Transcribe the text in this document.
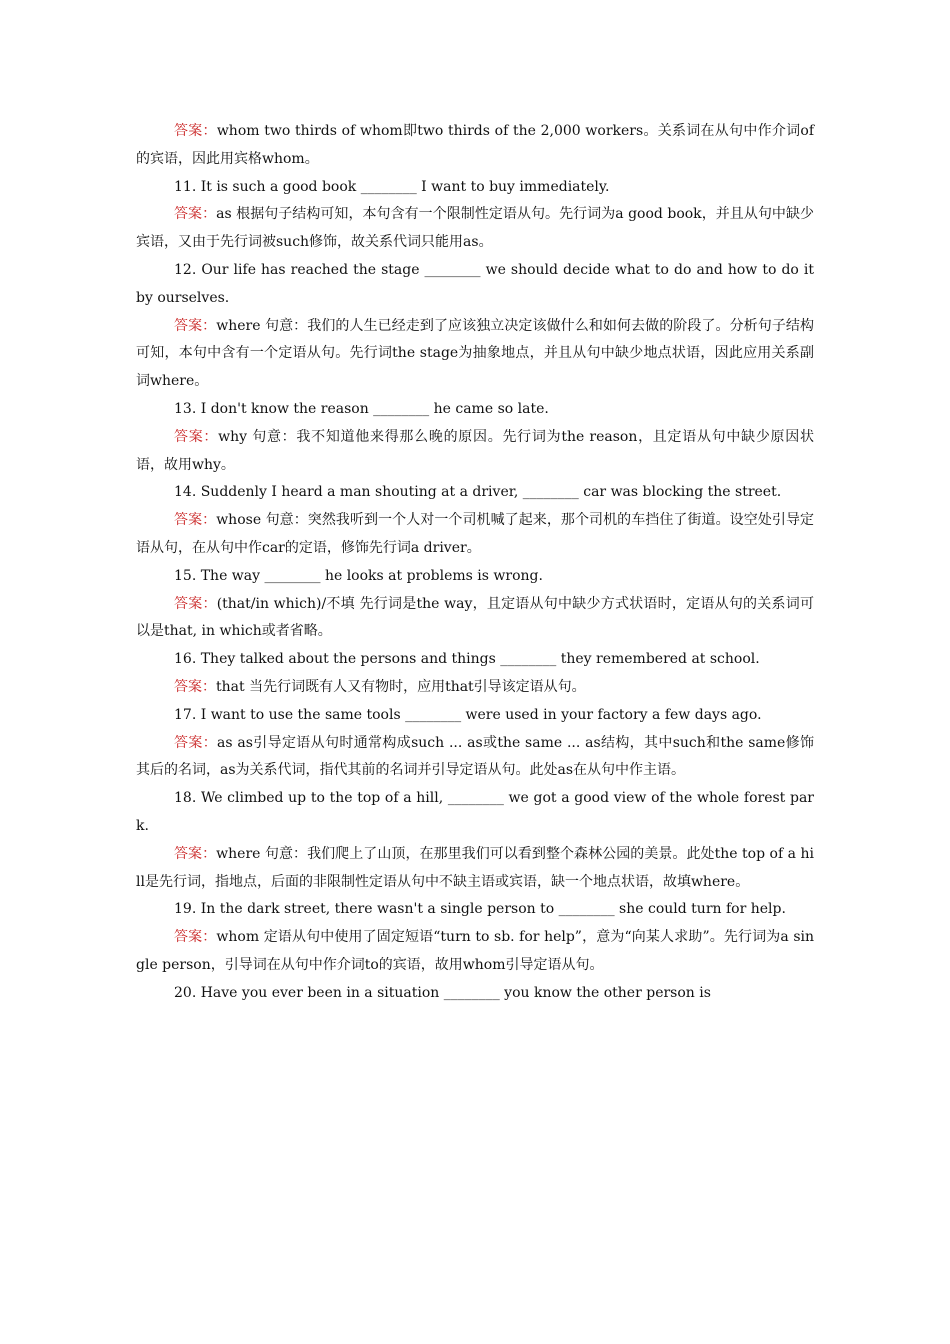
答案：whom two thirds of whom即two thirds of the 2,000 workers。关系词在从句中作介词of的宾语，因此用宾格whom。

11. It is such a good book ________ I want to buy immediately.

答案：as 根据句子结构可知，本句含有一个限制性定语从句。先行词为a good book，并且从句中缺少宾语，又由于先行词被such修饰，故关系代词只能用as。

12. Our life has reached the stage ________ we should decide what to do and how to do it by ourselves.

答案：where 句意：我们的人生已经走到了应该独立决定该做什么和如何去做的阶段了。分析句子结构可知，本句中含有一个定语从句。先行词the stage为抽象地点，并且从句中缺少地点状语，因此应用关系副词where。

13. I don't know the reason ________ he came so late.

答案：why 句意：我不知道他来得那么晚的原因。先行词为the reason，且定语从句中缺少原因状语，故用why。

14. Suddenly I heard a man shouting at a driver, ________ car was blocking the street.

答案：whose 句意：突然我听到一个人对一个司机喊了起来，那个司机的车挡住了街道。设空处引导定语从句，在从句中作car的定语，修饰先行词a driver。

15. The way ________ he looks at problems is wrong.

答案：(that/in which)/不填 先行词是the way，且定语从句中缺少方式状语时，定语从句的关系词可以是that, in which或者省略。

16. They talked about the persons and things ________ they remembered at school.

答案：that 当先行词既有人又有物时，应用that引导该定语从句。

17. I want to use the same tools ________ were used in your factory a few days ago.

答案：as as引导定语从句时通常构成such ... as或the same ... as结构，其中such和the same修饰其后的名词，as为关系代词，指代其前的名词并引导定语从句。此处as在从句中作主语。

18. We climbed up to the top of a hill, ________ we got a good view of the whole forest park.

答案：where 句意：我们爬上了山顶，在那里我们可以看到整个森林公园的美景。此处the top of a hill是先行词，指地点，后面的非限制性定语从句中不缺主语或宾语，缺一个地点状语，故填where。

19. In the dark street, there wasn't a single person to ________ she could turn for help.

答案：whom 定语从句中使用了固定短语“turn to sb. for help”，意为“向某人求助”。先行词为a single person，引导词在从句中作介词to的宾语，故用whom引导定语从句。

20. Have you ever been in a situation ________ you know the other person is
